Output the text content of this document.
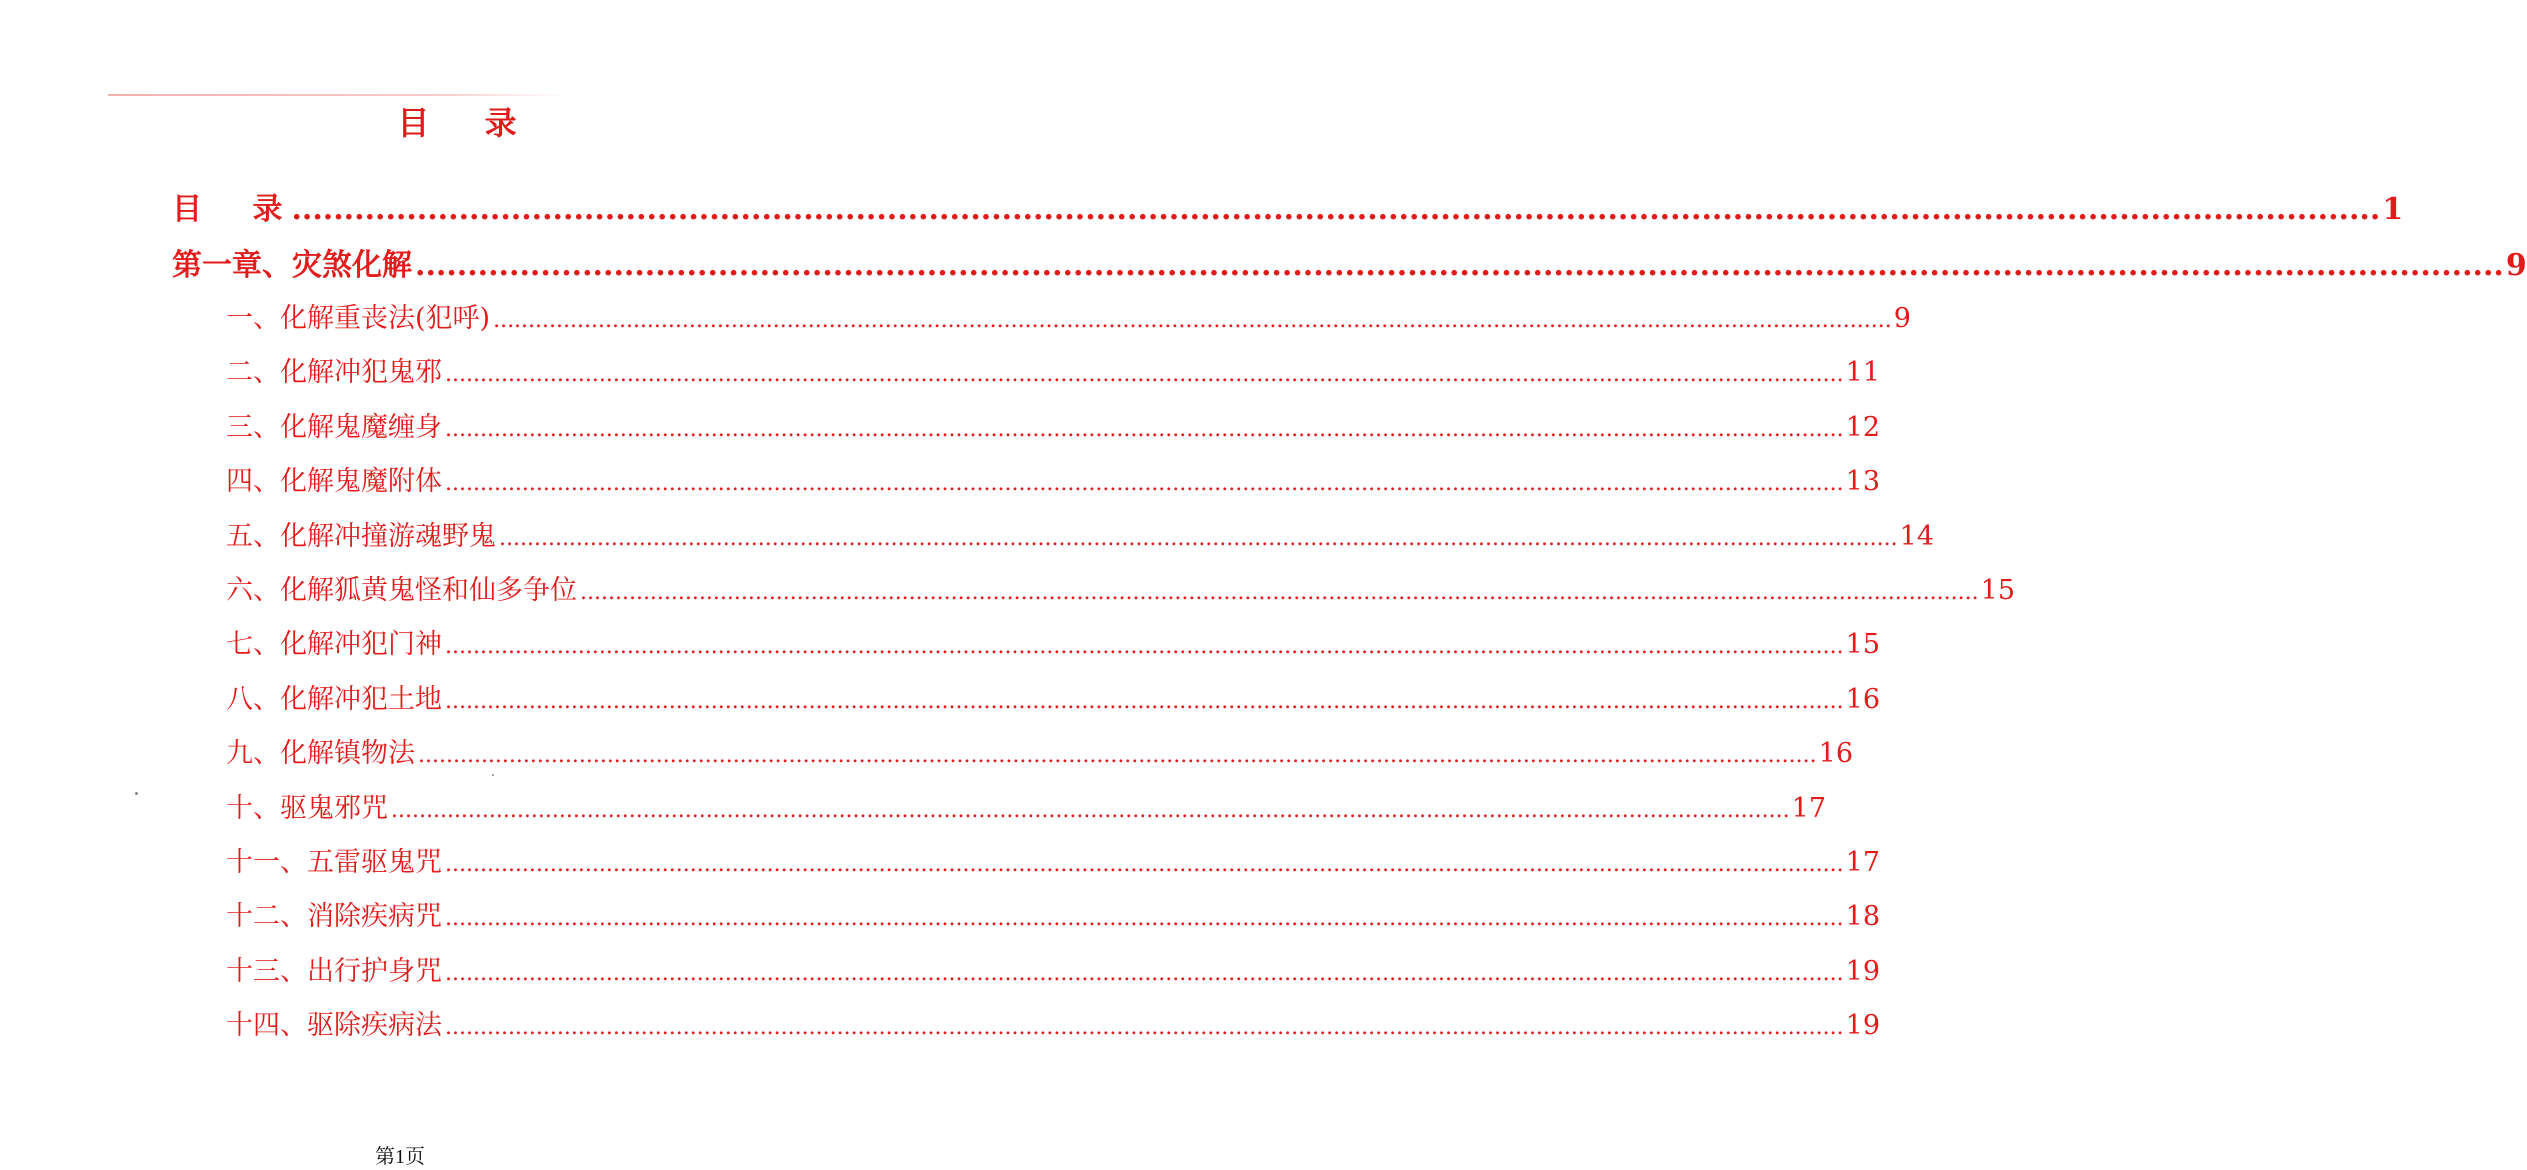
目 录
目 录
........................................................................................................................................................................................................ 1
第一章、灾煞化解 ........................................................................................................................................................................................................ 9
一、化解重丧法(犯呼) ........................................................................................................................................................................................................ 9
二、化解冲犯鬼邪 ........................................................................................................................................................................................................ 11
三、化解鬼魔缠身 ........................................................................................................................................................................................................ 12
四、化解鬼魔附体 ........................................................................................................................................................................................................ 13
五、化解冲撞游魂野鬼 ........................................................................................................................................................................................................ 14
六、化解狐黄鬼怪和仙多争位 ........................................................................................................................................................................................................ 15
七、化解冲犯门神 ........................................................................................................................................................................................................ 15
八、化解冲犯土地 ........................................................................................................................................................................................................ 16
九、化解镇物法 ........................................................................................................................................................................................................ 16
十、驱鬼邪咒 ........................................................................................................................................................................................................ 17
十一、五雷驱鬼咒 ........................................................................................................................................................................................................ 17
十二、消除疾病咒 ........................................................................................................................................................................................................ 18
十三、出行护身咒 ........................................................................................................................................................................................................ 19
十四、驱除疾病法 ........................................................................................................................................................................................................ 19
第1页
